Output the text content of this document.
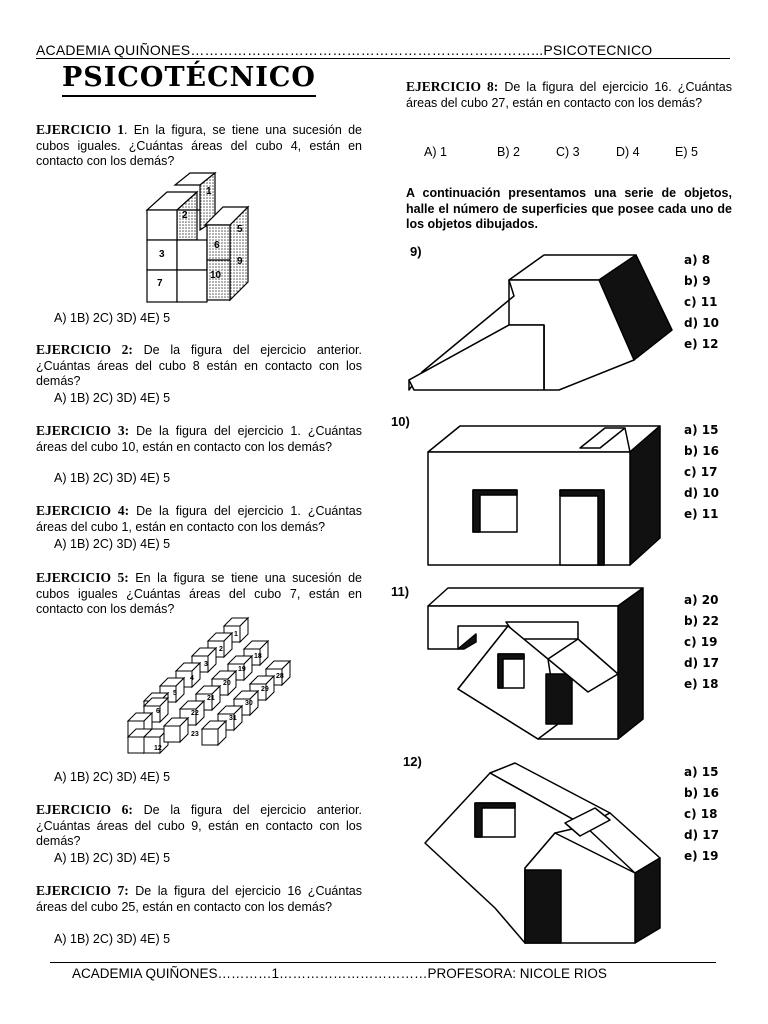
ACADEMIA QUIÑONES………………………………………………………………...PSICOTECNICO
PSICOTÉCNICO
EJERCICIO 1. En la figura, se tiene una sucesión de cubos iguales. ¿Cuántas áreas del cubo 4, están en contacto con los demás?
1
2
3
5
6
7
9
10
A) 1 B) 2 C) 3 D) 4 E) 5
EJERCICIO 2: De la figura del ejercicio anterior. ¿Cuántas áreas del cubo 8 están en contacto con los demás?
A) 1 B) 2 C) 3 D) 4 E) 5
EJERCICIO 3: De la figura del ejercicio 1. ¿Cuántas áreas del cubo 10, están en contacto con los demás?
A) 1 B) 2 C) 3 D) 4 E) 5
EJERCICIO 4: De la figura del ejercicio 1. ¿Cuántas áreas del cubo 1, están en contacto con los demás?
A) 1 B) 2 C) 3 D) 4 E) 5
EJERCICIO 5: En la figura se tiene una sucesión de cubos iguales ¿Cuántas áreas del cubo 7, están en contacto con los demás?
1
2
3
4
5
6
12
18
19
20
21
22
23
28
29
30
31
A) 1 B) 2 C) 3 D) 4 E) 5
EJERCICIO 6: De la figura del ejercicio anterior. ¿Cuántas áreas del cubo 9, están en contacto con los demás?
A) 1 B) 2 C) 3 D) 4 E) 5
EJERCICIO 7: De la figura del ejercicio 16 ¿Cuántas áreas del cubo 25, están en contacto con los demás?
A) 1 B) 2 C) 3 D) 4 E) 5
EJERCICIO 8: De la figura del ejercicio 16. ¿Cuántas áreas del cubo 27, están en contacto con los demás?
A) 1	B) 2	C) 3	D) 4	E) 5
A continuación presentamos una serie de objetos, halle el número de superficies que posee cada uno de los objetos dibujados.
9)
a) 8
b) 9
c) 11
d) 10
e) 12
10)
a) 15
b) 16
c) 17
d) 10
e) 11
11)
a) 20
b) 22
c) 19
d) 17
e) 18
12)
a) 15
b) 16
c) 18
d) 17
e) 19
ACADEMIA QUIÑONES…………1……………………………PROFESORA: NICOLE RIOS
